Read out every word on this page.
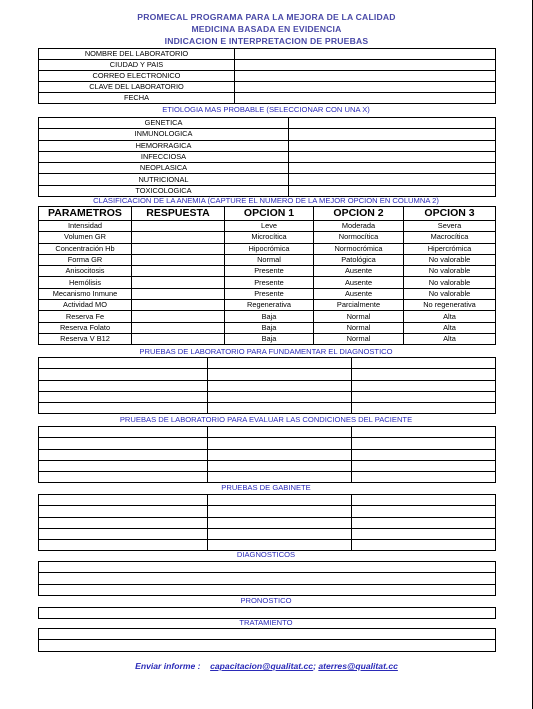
PROMECAL PROGRAMA PARA LA MEJORA DE LA CALIDAD
MEDICINA BASADA EN EVIDENCIA
INDICACION E INTERPRETACION DE PRUEBAS
NOMBRE DEL LABORATORIO	
CIUDAD Y PAIS	
CORREO ELECTRONICO	
CLAVE DEL LABORATORIO	
FECHA	
ETIOLOGIA MAS PROBABLE (SELECCIONAR CON UNA X)
GENETICA	
INMUNOLOGICA	
HEMORRAGICA	
INFECCIOSA	
NEOPLASICA	
NUTRICIONAL	
TOXICOLOGICA	
CLASIFICACION DE LA ANEMIA (CAPTURE EL NUMERO DE LA MEJOR OPCION EN COLUMNA 2)
PARAMETROS	RESPUESTA	OPCION 1	OPCION 2	OPCION 3
Intensidad		Leve	Moderada	Severa
Volumen GR		Microcítica	Normocítica	Macrocítica
Concentración Hb		Hipocrómica	Normocrómica	Hipercrómica
Forma GR		Normal	Patológica	No valorable
Anisocitosis		Presente	Ausente	No valorable
Hemólisis		Presente	Ausente	No valorable
Mecanismo Inmune		Presente	Ausente	No valorable
Actividad MO		Regenerativa	Parcialmente	No regenerativa
Reserva Fe		Baja	Normal	Alta
Reserva Folato		Baja	Normal	Alta
Reserva V B12		Baja	Normal	Alta
PRUEBAS DE LABORATORIO PARA FUNDAMENTAR EL DIAGNOSTICO

PRUEBAS DE LABORATORIO PARA EVALUAR LAS CONDICIONES DEL PACIENTE

PRUEBAS DE GABINETE

DIAGNOSTICOS

PRONOSTICO
TRATAMIENTO

Enviar informe : capacitacion@qualitat.cc; aterres@qualitat.cc
